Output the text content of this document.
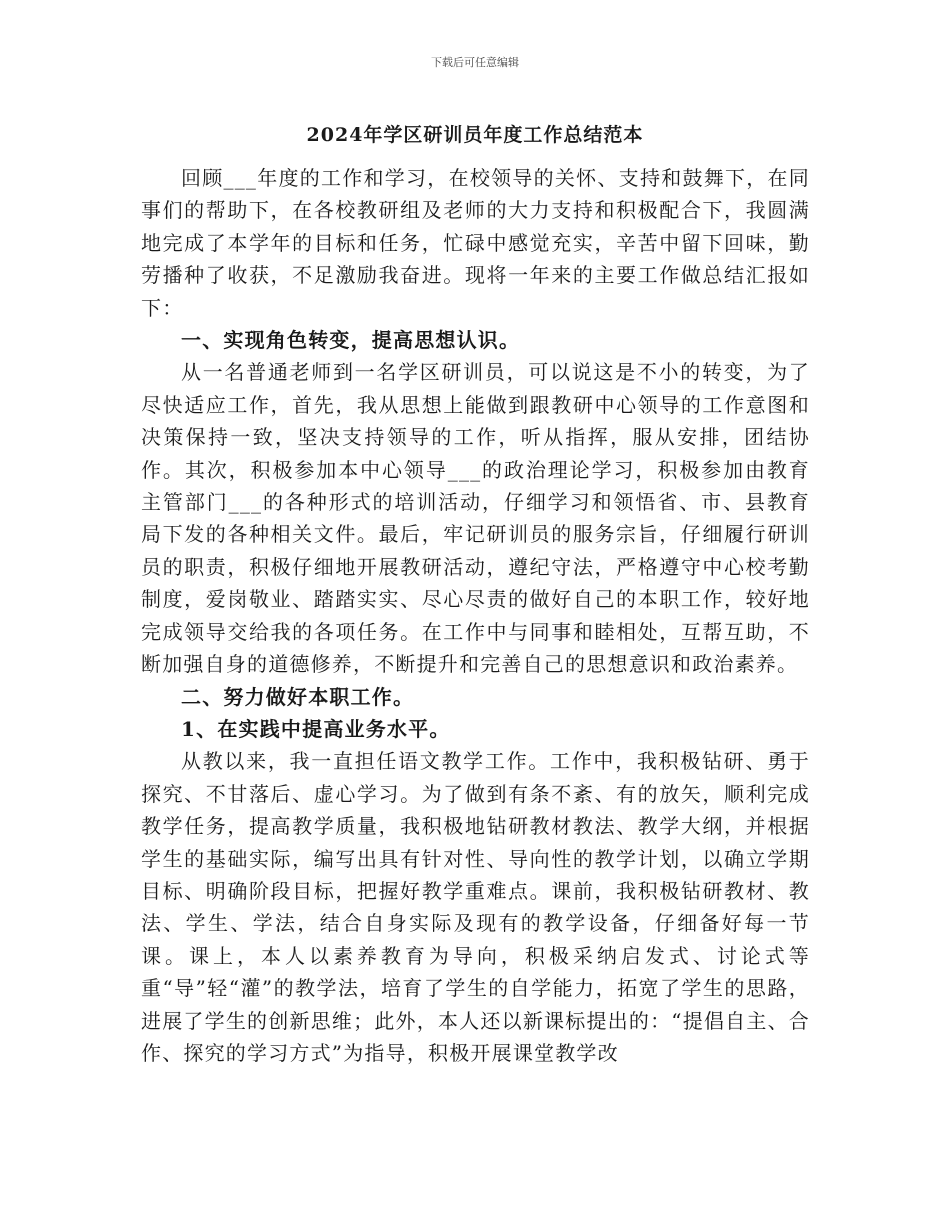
下载后可任意编辑
2024年学区研训员年度工作总结范本

回顾___年度的工作和学习，在校领导的关怀、支持和鼓舞下，在同事们的帮助下，在各校教研组及老师的大力支持和积极配合下，我圆满地完成了本学年的目标和任务，忙碌中感觉充实，辛苦中留下回味，勤劳播种了收获，不足激励我奋进。现将一年来的主要工作做总结汇报如下：

一、实现角色转变，提高思想认识。

从一名普通老师到一名学区研训员，可以说这是不小的转变，为了尽快适应工作，首先，我从思想上能做到跟教研中心领导的工作意图和决策保持一致，坚决支持领导的工作，听从指挥，服从安排，团结协作。其次，积极参加本中心领导___的政治理论学习，积极参加由教育主管部门___的各种形式的培训活动，仔细学习和领悟省、市、县教育局下发的各种相关文件。最后，牢记研训员的服务宗旨，仔细履行研训员的职责，积极仔细地开展教研活动，遵纪守法，严格遵守中心校考勤制度，爱岗敬业、踏踏实实、尽心尽责的做好自己的本职工作，较好地完成领导交给我的各项任务。在工作中与同事和睦相处，互帮互助，不断加强自身的道德修养，不断提升和完善自己的思想意识和政治素养。

二、努力做好本职工作。

1、在实践中提高业务水平。

从教以来，我一直担任语文教学工作。工作中，我积极钻研、勇于探究、不甘落后、虚心学习。为了做到有条不紊、有的放矢，顺利完成教学任务，提高教学质量，我积极地钻研教材教法、教学大纲，并根据学生的基础实际，编写出具有针对性、导向性的教学计划，以确立学期目标、明确阶段目标，把握好教学重难点。课前，我积极钻研教材、教法、学生、学法，结合自身实际及现有的教学设备，仔细备好每一节课。课上，本人以素养教育为导向，积极采纳启发式、讨论式等重“导”轻“灌”的教学法，培育了学生的自学能力，拓宽了学生的思路，进展了学生的创新思维；此外，本人还以新课标提出的：“提倡自主、合作、探究的学习方式”为指导，积极开展课堂教学改
